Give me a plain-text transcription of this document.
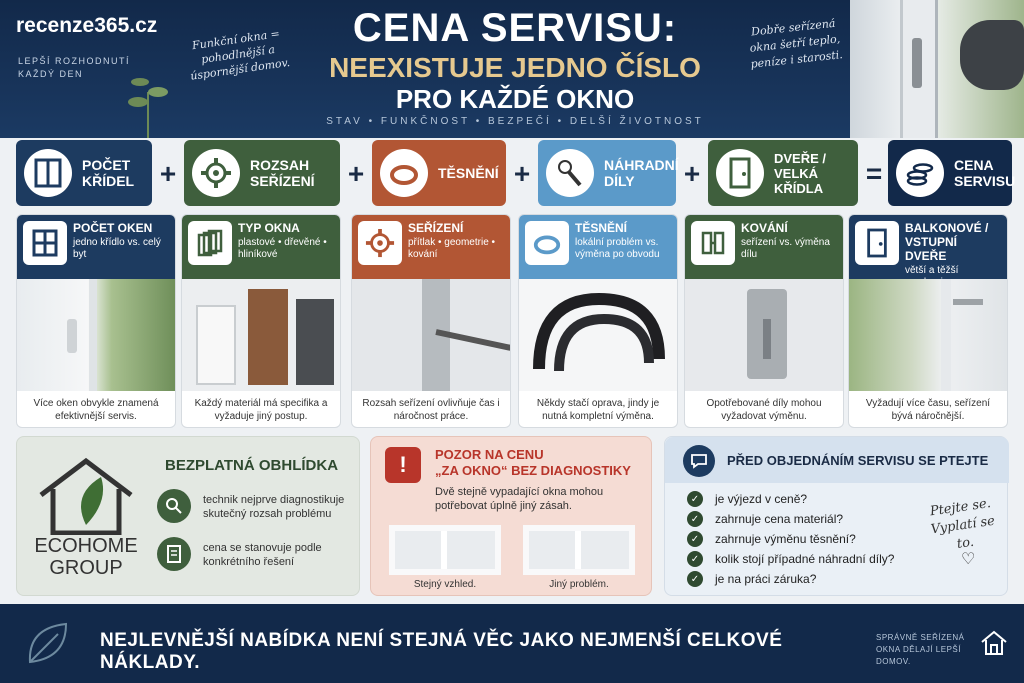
recenze365.cz
LEPŠÍ ROZHODNUTÍ KAŽDÝ DEN
Funkční okna = pohodlnější a úspornější domov.
CENA SERVISU:
NEEXISTUJE JEDNO ČÍSLO
PRO KAŽDÉ OKNO
STAV • FUNKČNOST • BEZPEČÍ • DELŠÍ ŽIVOTNOST
Dobře seřízená okna šetří teplo, peníze i starosti.
POČET KŘÍDEL +	ROZSAH SEŘÍZENÍ	+	TĚSNĚNÍ +	NÁHRADNÍ DÍLY	+	DVEŘE / VELKÁ KŘÍDLA	=	CENA SERVISU
POČET OKEN
jedno křídlo vs. celý byt
Více oken obvykle znamená efektivnější servis.
TYP OKNA
plastové • dřevěné • hliníkové
Každý materiál má specifika a vyžaduje jiný postup.
SEŘÍZENÍ
přítlak • geometrie • kování
Rozsah seřízení ovlivňuje čas i náročnost práce.
TĚSNĚNÍ
lokální problém vs. výměna po obvodu
Někdy stačí oprava, jindy je nutná kompletní výměna.
KOVÁNÍ
seřízení vs. výměna dílu
Opotřebované díly mohou vyžadovat výměnu.
BALKONOVÉ / VSTUPNÍ DVEŘE
větší a těžší
Vyžadují více času, seřízení bývá náročnější.
ECOHOME
GROUP
BEZPLATNÁ OBHLÍDKA
technik nejprve diagnostikuje skutečný rozsah problému
cena se stanovuje podle konkrétního řešení
!	POZOR NA CENU
„ZA OKNO“ BEZ DIAGNOSTIKY
Dvě stejně vypadající okna mohou potřebovat úplně jiný zásah.
Stejný vzhled.	Jiný problém.
PŘED OBJEDNÁNÍM SERVISU SE PTEJTE
✓	je výjezd v ceně?
✓	zahrnuje cena materiál?
✓	zahrnuje výměnu těsnění?
✓	kolik stojí případné náhradní díly?
✓	je na práci záruka?
Ptejte se. Vyplatí se to.
♡
NEJLEVNĚJŠÍ NABÍDKA NENÍ STEJNÁ VĚC JAKO NEJMENŠÍ CELKOVÉ NÁKLADY.
SPRÁVNĚ SEŘÍZENÁ OKNA DĚLAJÍ LEPŠÍ DOMOV.
